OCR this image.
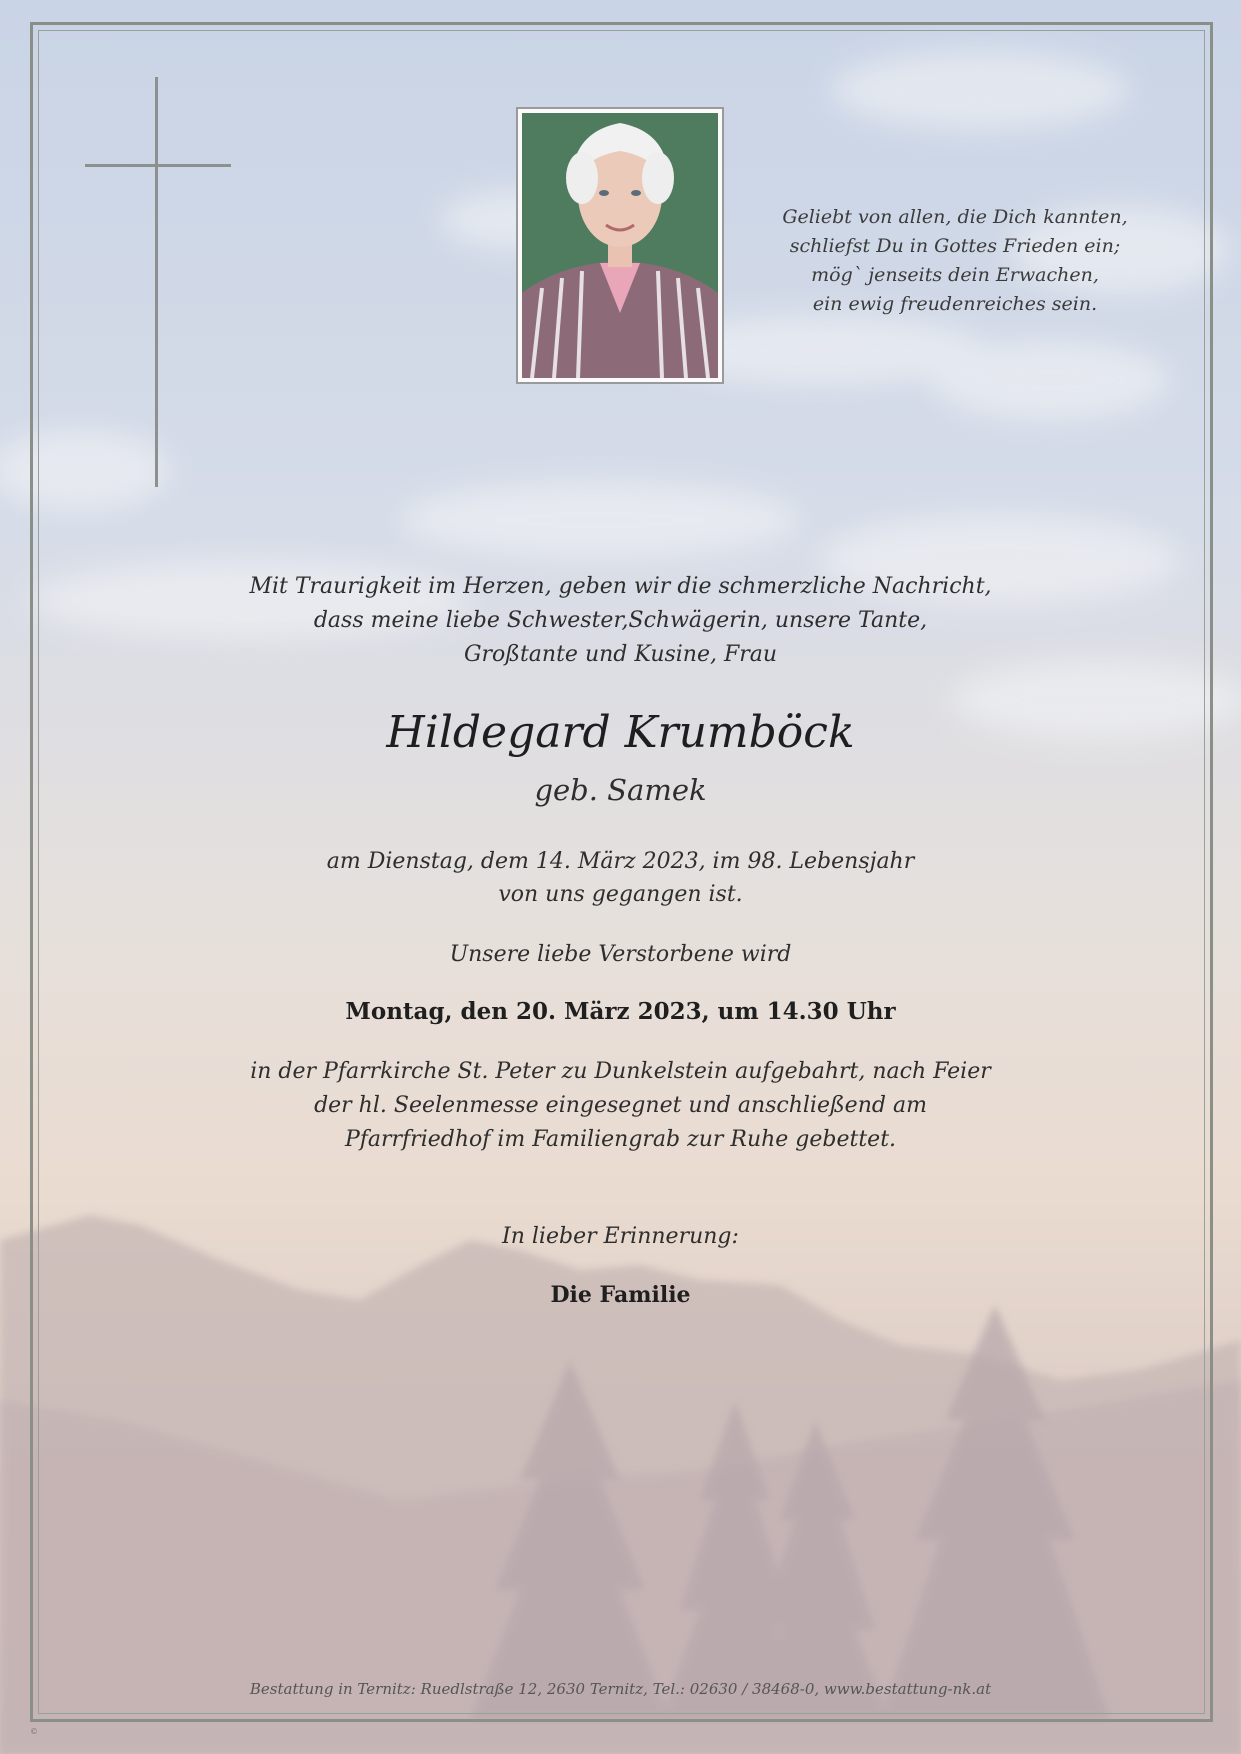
Geliebt von allen, die Dich kannten,
schliefst Du in Gottes Frieden ein;
mög` jenseits dein Erwachen,
ein ewig freudenreiches sein.
Mit Traurigkeit im Herzen, geben wir die schmerzliche Nachricht,
dass meine liebe Schwester,Schwägerin, unsere Tante,
Großtante und Kusine, Frau
Hildegard Krumböck
geb. Samek
am Dienstag, dem 14. März 2023, im 98. Lebensjahr
von uns gegangen ist.
Unsere liebe Verstorbene wird
Montag, den 20. März 2023, um 14.30 Uhr
in der Pfarrkirche St. Peter zu Dunkelstein aufgebahrt, nach Feier
der hl. Seelenmesse eingesegnet und anschließend am
Pfarrfriedhof im Familiengrab zur Ruhe gebettet.
In lieber Erinnerung:
Die Familie
Bestattung in Ternitz: Ruedlstraße 12, 2630 Ternitz, Tel.: 02630 / 38468-0, www.bestattung-nk.at
©
